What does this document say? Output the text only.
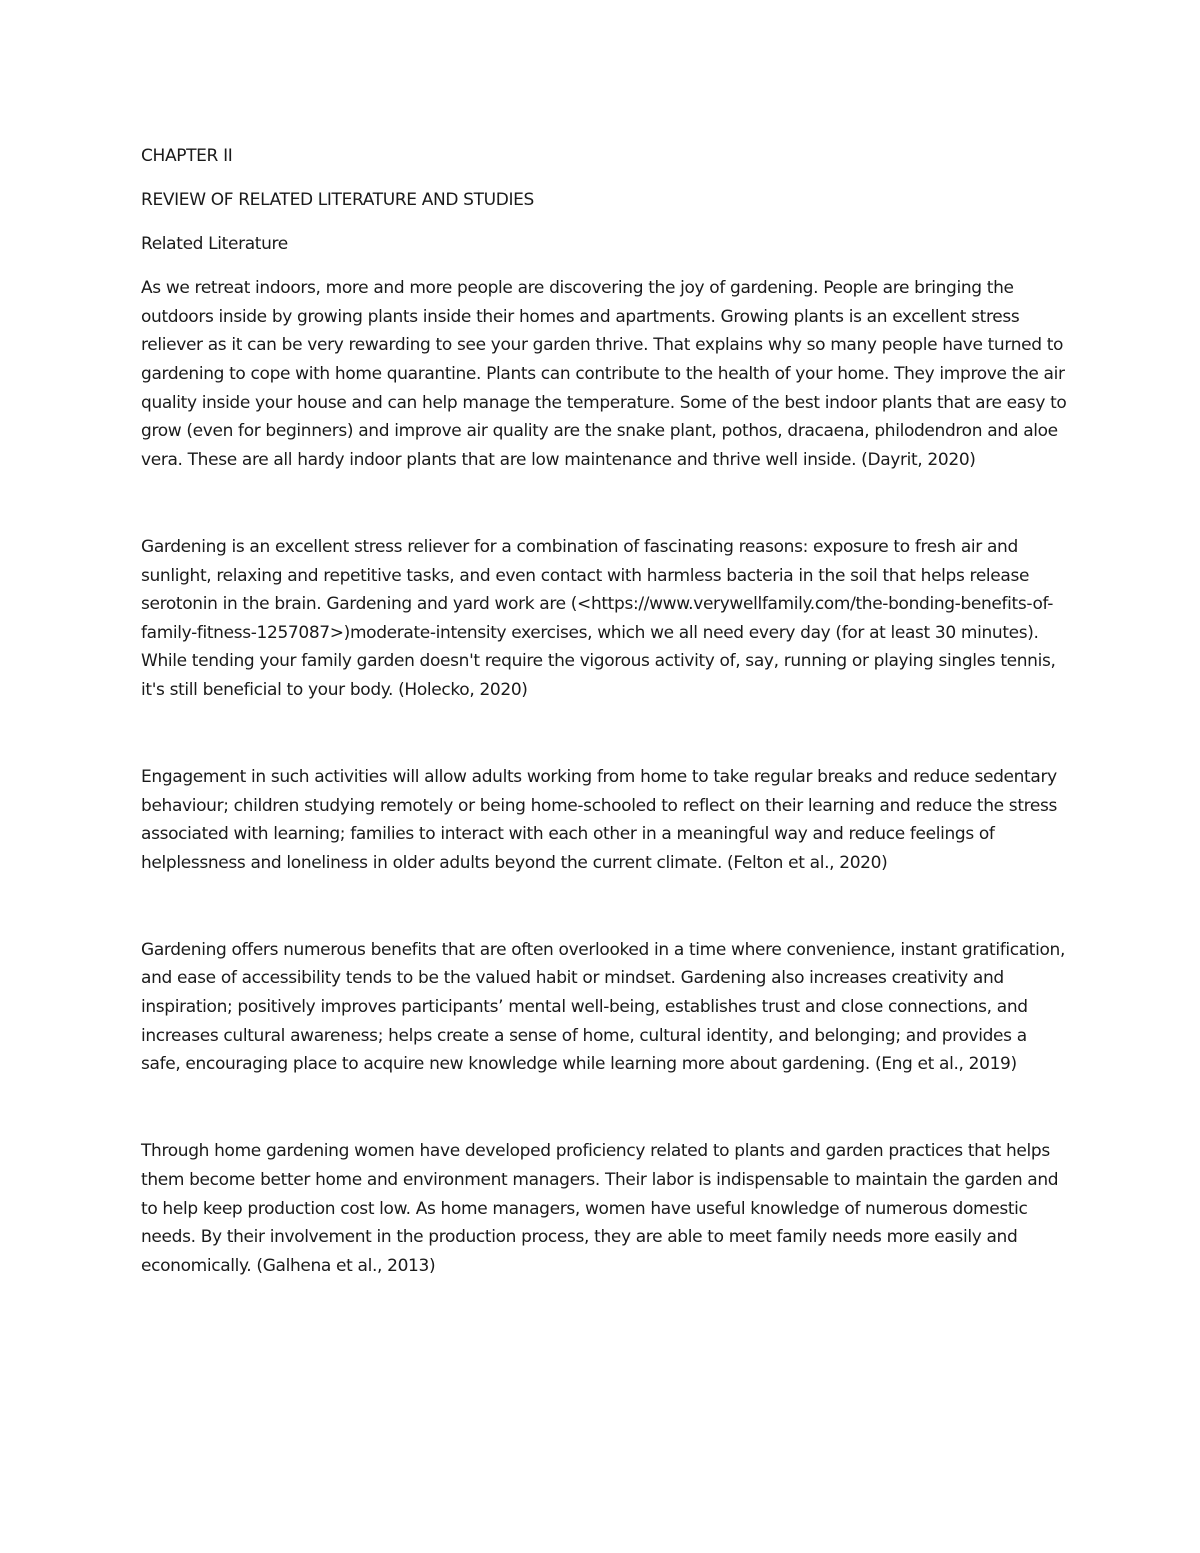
CHAPTER II
REVIEW OF RELATED LITERATURE AND STUDIES
Related Literature

As we retreat indoors, more and more people are discovering the joy of gardening. People are bringing the outdoors inside by growing plants inside their homes and apartments. Growing plants is an excellent stress reliever as it can be very rewarding to see your garden thrive. That explains why so many people have turned to gardening to cope with home quarantine. Plants can contribute to the health of your home. They improve the air quality inside your house and can help manage the temperature. Some of the best indoor plants that are easy to grow (even for beginners) and improve air quality are the snake plant, pothos, dracaena, philodendron and aloe vera. These are all hardy indoor plants that are low maintenance and thrive well inside. (Dayrit, 2020)

Gardening is an excellent stress reliever for a combination of fascinating reasons: exposure to fresh air and sunlight, relaxing and repetitive tasks, and even contact with harmless bacteria in the soil that helps release serotonin in the brain. Gardening and yard work are (<https://www.verywellfamily.com/the-bonding-benefits-of-family-fitness-1257087>)moderate-intensity exercises, which we all need every day (for at least 30 minutes). While tending your family garden doesn't require the vigorous activity of, say, running or playing singles tennis, it's still beneficial to your body. (Holecko, 2020)

Engagement in such activities will allow adults working from home to take regular breaks and reduce sedentary behaviour; children studying remotely or being home-schooled to reflect on their learning and reduce the stress associated with learning; families to interact with each other in a meaningful way and reduce feelings of helplessness and loneliness in older adults beyond the current climate. (Felton et al., 2020)

Gardening offers numerous benefits that are often overlooked in a time where convenience, instant gratification, and ease of accessibility tends to be the valued habit or mindset. Gardening also increases creativity and inspiration; positively improves participants’ mental well-being, establishes trust and close connections, and increases cultural awareness; helps create a sense of home, cultural identity, and belonging; and provides a safe, encouraging place to acquire new knowledge while learning more about gardening. (Eng et al., 2019)

Through home gardening women have developed proficiency related to plants and garden practices that helps them become better home and environment managers. Their labor is indispensable to maintain the garden and to help keep production cost low. As home managers, women have useful knowledge of numerous domestic needs. By their involvement in the production process, they are able to meet family needs more easily and economically. (Galhena et al., 2013)
